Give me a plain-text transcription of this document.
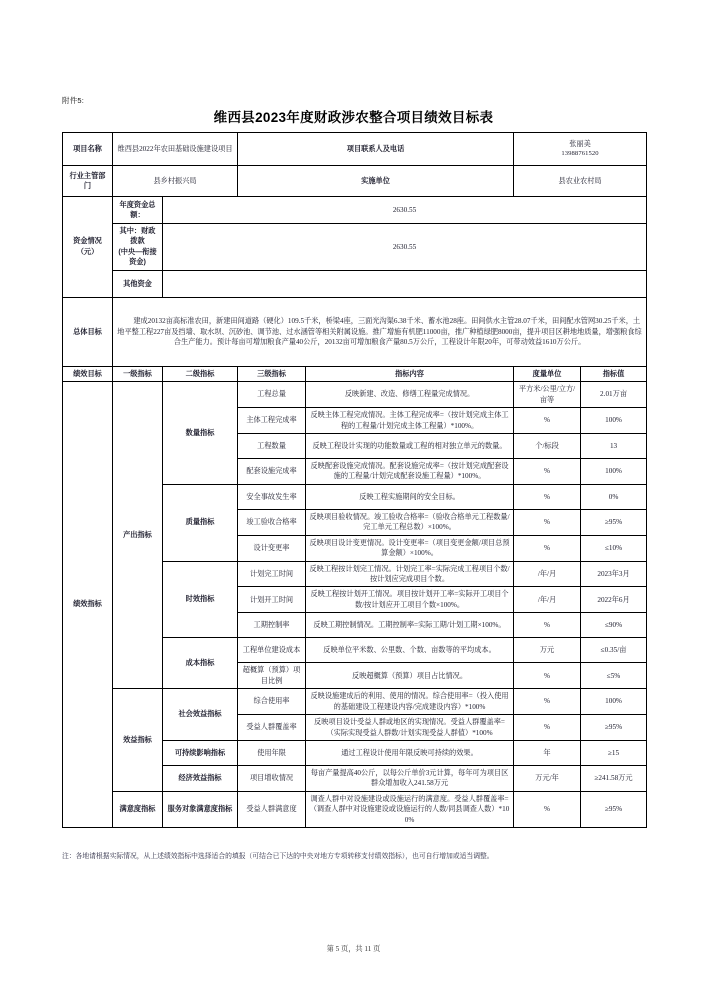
附件5:
维西县2023年度财政涉农整合项目绩效目标表
项目名称	维西县2022年农田基础设施建设项目		项目联系人及电话		张丽美
13988761520	

行业主管部门	县乡村振兴局		实施单位		县农业农村局	
资金情况（元）	年度资金总额：	2630.55				
	其中：财政拨款
(中央—衔接资金)	2630.55				
	其他资金					
总体目标	建成20132亩高标准农田，新建田间道路（硬化）109.5千米，桥梁4座，三面光沟渠6.38千米、蓄水池28座。田间供水主管28.07千米，田间配水管网30.25千米，土地平整工程227亩及挡墙、取水坝、沉砂池、调节池、过水涵管等相关附属设施。推广增施有机肥11000亩，推广种植绿肥8000亩，提升项目区耕地地质量，增强粮食综合生产能力。预计每亩可增加粮食产量40公斤，20132亩可增加粮食产量80.5万公斤，工程设计年限20年，可带动效益1610万公斤。					
绩效目标	一级指标	二级指标	三级指标	指标内容	度量单位	指标值
绩效指标	产出指标	数量指标	工程总量	反映新建、改造、修缮工程量完成情况。	平方米/公里/立方/亩等	2.01万亩
			主体工程完成率	反映主体工程完成情况。主体工程完成率=（按计划完成主体工程的工程量/计划完成主体工程量）*100%。	%	100%
			工程数量	反映工程设计实现的功能数量或工程的相对独立单元的数量。	个/标段	13
			配套设施完成率	反映配套设施完成情况。配套设施完成率=（按计划完成配套设施的工程量/计划完成配套设施工程量）*100%。	%	100%
		质量指标	安全事故发生率	反映工程实施期间的安全目标。	%	0%
			竣工验收合格率	反映项目验收情况。竣工验收合格率=（验收合格单元工程数量/完工单元工程总数）×100%。	%	≥95%
			设计变更率	反映项目设计变更情况。设计变更率=（项目变更金额/项目总预算金额）×100%。	%	≤10%
		时效指标	计划完工时间	反映工程按计划完工情况。计划完工率=实际完成工程项目个数/按计划应完成项目个数。	/年/月	2023年3月
			计划开工时间	反映工程按计划开工情况。项目按计划开工率=实际开工项目个数/按计划应开工项目个数×100%。	/年/月	2022年6月
			工期控制率	反映工期控制情况。工期控制率=实际工期/计划工期×100%。	%	≤90%
		成本指标	工程单位建设成本	反映单位平米数、公里数、个数、亩数等的平均成本。	万元	≤0.35/亩
			超概算（预算）项目比例	反映超概算（预算）项目占比情况。	%	≤5%
	效益指标	社会效益指标	综合使用率	反映设施建成后的利用、使用的情况。综合使用率=（投入使用的基础建设工程建设内容/完成建设内容）*100%	%	100%
			受益人群覆盖率	反映项目设计受益人群或地区的实现情况。受益人群覆盖率=（实际实现受益人群数/计划实现受益人群值）*100%	%	≥95%
		可持续影响指标	使用年限	通过工程设计使用年限反映可持续的效果。	年	≥15
		经济效益指标	项目增收情况	每亩产量提高40公斤，以每公斤单价3元计算，每年可为项目区群众增加收入241.58万元	万元/年	≥241.58万元
	满意度指标	服务对象满意度指标	受益人群满意度	调查人群中对设施建设或设施运行的满意度。受益人群覆盖率=（调查人群中对设施建设或设施运行的人数/同县调查人数）*100%	%	≥95%
注：各地请根据实际情况，从上述绩效指标中选择适合的填报（可结合已下达的中央对地方专项转移支付绩效指标），也可自行增加或适当调整。
第 5 页，共 11 页
